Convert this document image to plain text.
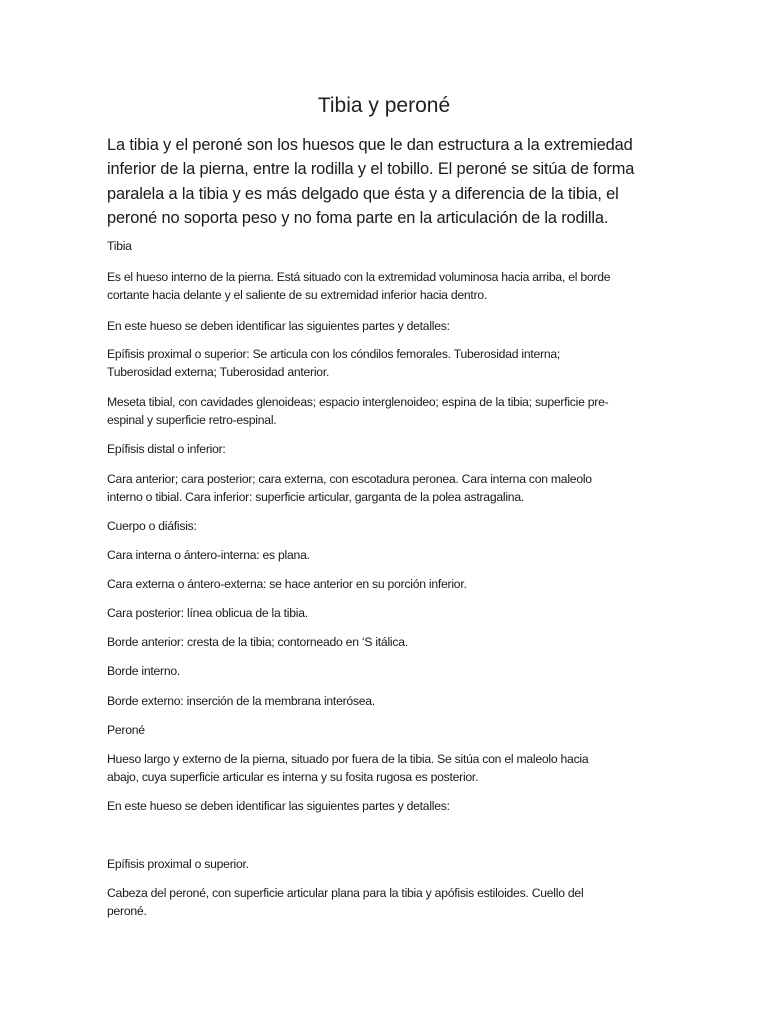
Tibia y peroné
La tibia y el peroné son los huesos que le dan estructura a la extremiedad inferior de la pierna, entre la rodilla y el tobillo. El peroné se sitúa de forma paralela a la tibia y es más delgado que ésta y a diferencia de la tibia, el peroné no soporta peso y no foma parte en la articulación de la rodilla.
Tibia
Es el hueso interno de la pierna. Está situado con la extremidad voluminosa hacia arriba, el borde
cortante hacia delante y el saliente de su extremidad inferior hacia dentro.
En este hueso se deben identificar las siguientes partes y detalles:
Epífisis proximal o superior: Se articula con los cóndilos femorales. Tuberosidad interna;
Tuberosidad externa; Tuberosidad anterior.
Meseta tibial, con cavidades glenoideas; espacio interglenoideo; espina de la tibia; superficie pre-
espinal y superficie retro-espinal.
Epífisis distal o inferior:
Cara anterior; cara posterior; cara externa, con escotadura peronea. Cara interna con maleolo
interno o tibial. Cara inferior: superficie articular, garganta de la polea astragalina.
Cuerpo o diáfisis:
Cara interna o ántero-interna: es plana.
Cara externa o ántero-externa: se hace anterior en su porción inferior.
Cara posterior: línea oblicua de la tibia.
Borde anterior: cresta de la tibia; contorneado en ‘S itálica.
Borde interno.
Borde externo: inserción de la membrana interósea.
Peroné
Hueso largo y externo de la pierna, situado por fuera de la tibia. Se sitúa con el maleolo hacia
abajo, cuya superficie articular es interna y su fosita rugosa es posterior.
En este hueso se deben identificar las siguientes partes y detalles:
Epífisis proximal o superior.
Cabeza del peroné, con superficie articular plana para la tibia y apófisis estiloides. Cuello del
peroné.
